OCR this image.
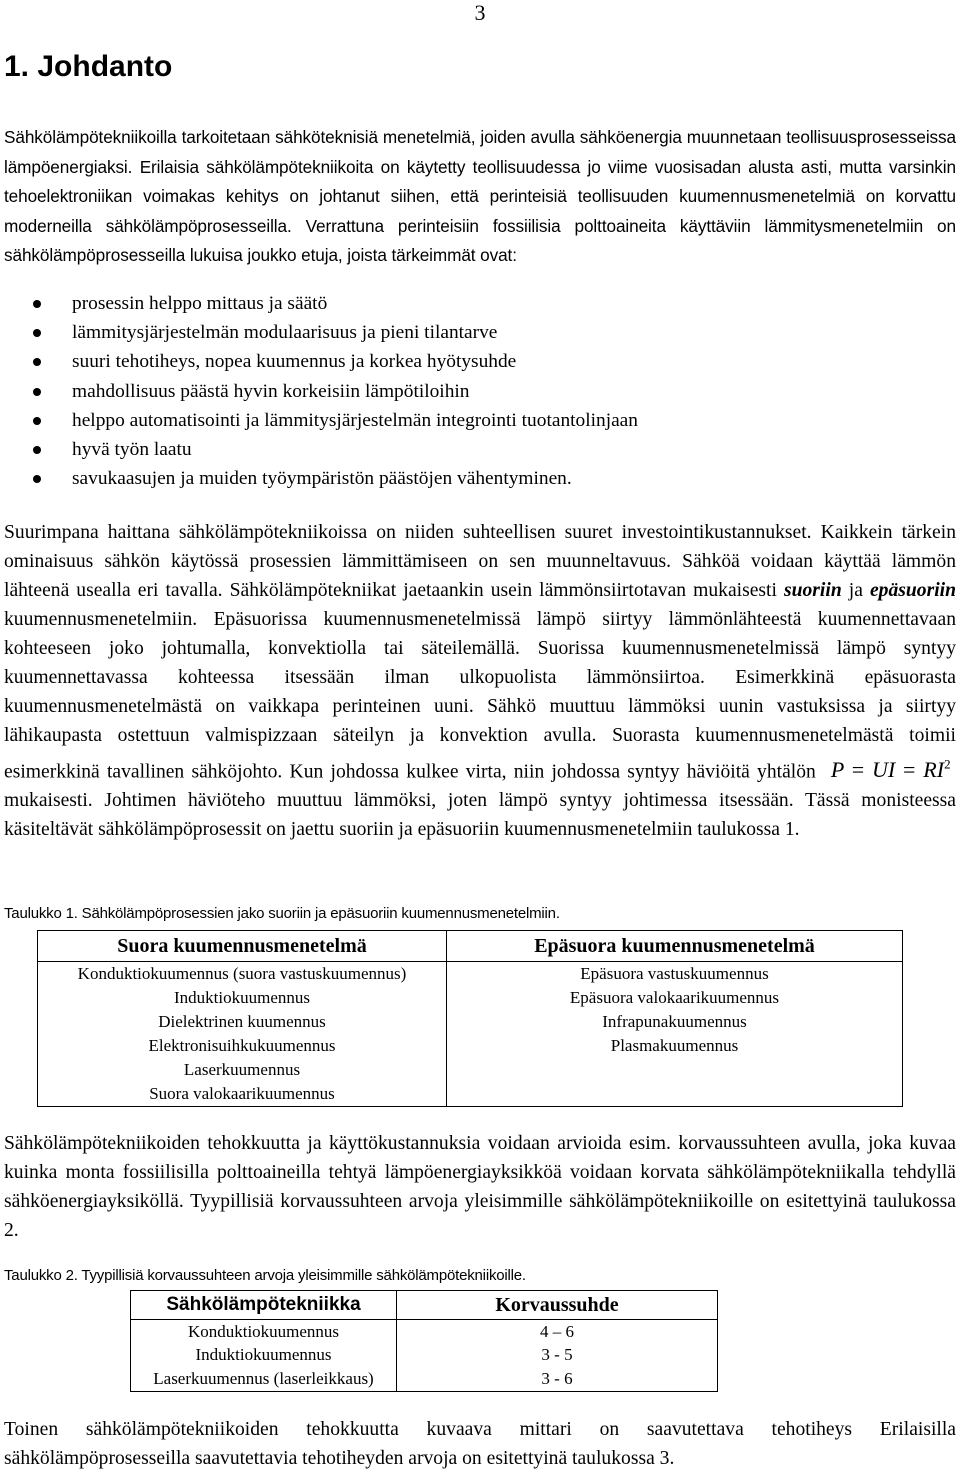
3
1. Johdanto

Sähkölämpötekniikoilla tarkoitetaan sähköteknisiä menetelmiä, joiden avulla sähköenergia muunnetaan teollisuusprosesseissa lämpöenergiaksi. Erilaisia sähkölämpötekniikoita on käytetty teollisuudessa jo viime vuosisadan alusta asti, mutta varsinkin tehoelektroniikan voimakas kehitys on johtanut siihen, että perinteisiä teollisuuden kuumennusmenetelmiä on korvattu moderneilla sähkölämpöprosesseilla. Verrattuna perinteisiin fossiilisia polttoaineita käyttäviin lämmitysmenetelmiin on sähkölämpöprosesseilla lukuisa joukko etuja, joista tärkeimmät ovat:

prosessin helppo mittaus ja säätö
lämmitysjärjestelmän modulaarisuus ja pieni tilantarve
suuri tehotiheys, nopea kuumennus ja korkea hyötysuhde
mahdollisuus päästä hyvin korkeisiin lämpötiloihin
helppo automatisointi ja lämmitysjärjestelmän integrointi tuotantolinjaan
hyvä työn laatu
savukaasujen ja muiden työympäristön päästöjen vähentyminen.

Suurimpana haittana sähkölämpötekniikoissa on niiden suhteellisen suuret investointikustannukset. Kaikkein tärkein ominaisuus sähkön käytössä prosessien lämmittämiseen on sen muunneltavuus. Sähköä voidaan käyttää lämmön lähteenä usealla eri tavalla. Sähkölämpötekniikat jaetaankin usein lämmönsiirtotavan mukaisesti suoriin ja epäsuoriin kuumennusmenetelmiin. Epäsuorissa kuumennusmenetelmissä lämpö siirtyy lämmönlähteestä kuumennettavaan kohteeseen joko johtumalla, konvektiolla tai säteilemällä. Suorissa kuumennusmenetelmissä lämpö syntyy kuumennettavassa kohteessa itsessään ilman ulkopuolista lämmönsiirtoa. Esimerkkinä epäsuorasta kuumennusmenetelmästä on vaikkapa perinteinen uuni. Sähkö muuttuu lämmöksi uunin vastuksissa ja siirtyy lähikaupasta ostettuun valmispizzaan säteilyn ja konvektion avulla. Suorasta kuumennusmenetelmästä toimii esimerkkinä tavallinen sähköjohto. Kun johdossa kulkee virta, niin johdossa syntyy häviöitä yhtälön P = UI = $RI^2$  mukaisesti. Johtimen häviöteho muuttuu lämmöksi, joten lämpö syntyy johtimessa itsessään. Tässä monisteessa käsiteltävät sähkölämpöprosessit on jaettu suoriin ja epäsuoriin kuumennusmenetelmiin taulukossa 1.

Taulukko 1. Sähkölämpöprosessien jako suoriin ja epäsuoriin kuumennusmenetelmiin.

Suora kuumennusmenetelmä	Epäsuora kuumennusmenetelmä
Konduktiokuumennus (suora vastuskuumennus)	Epäsuora vastuskuumennus
Induktiokuumennus	Epäsuora valokaarikuumennus
Dielektrinen kuumennus	Infrapunakuumennus
Elektronisuihkukuumennus	Plasmakuumennus
Laserkuumennus	
Suora valokaarikuumennus	

Sähkölämpötekniikoiden tehokkuutta ja käyttökustannuksia voidaan arvioida esim. korvaussuhteen avulla, joka kuvaa kuinka monta fossiilisilla polttoaineilla tehtyä lämpöenergiayksikköä voidaan korvata sähkölämpötekniikalla tehdyllä sähköenergiayksiköllä. Tyypillisiä korvaussuhteen arvoja yleisimmille sähkölämpötekniikoille on esitettyinä taulukossa 2.

Taulukko 2. Tyypillisiä korvaussuhteen arvoja yleisimmille sähkölämpötekniikoille.

Sähkölämpötekniikka	Korvaussuhde
Konduktiokuumennus	4 – 6
Induktiokuumennus	3 - 5
Laserkuumennus (laserleikkaus)	3 - 6

Toinen sähkölämpötekniikoiden tehokkuutta kuvaava mittari on saavutettava tehotiheys Erilaisilla sähkölämpöprosesseilla saavutettavia tehotiheyden arvoja on esitettyinä taulukossa 3.
